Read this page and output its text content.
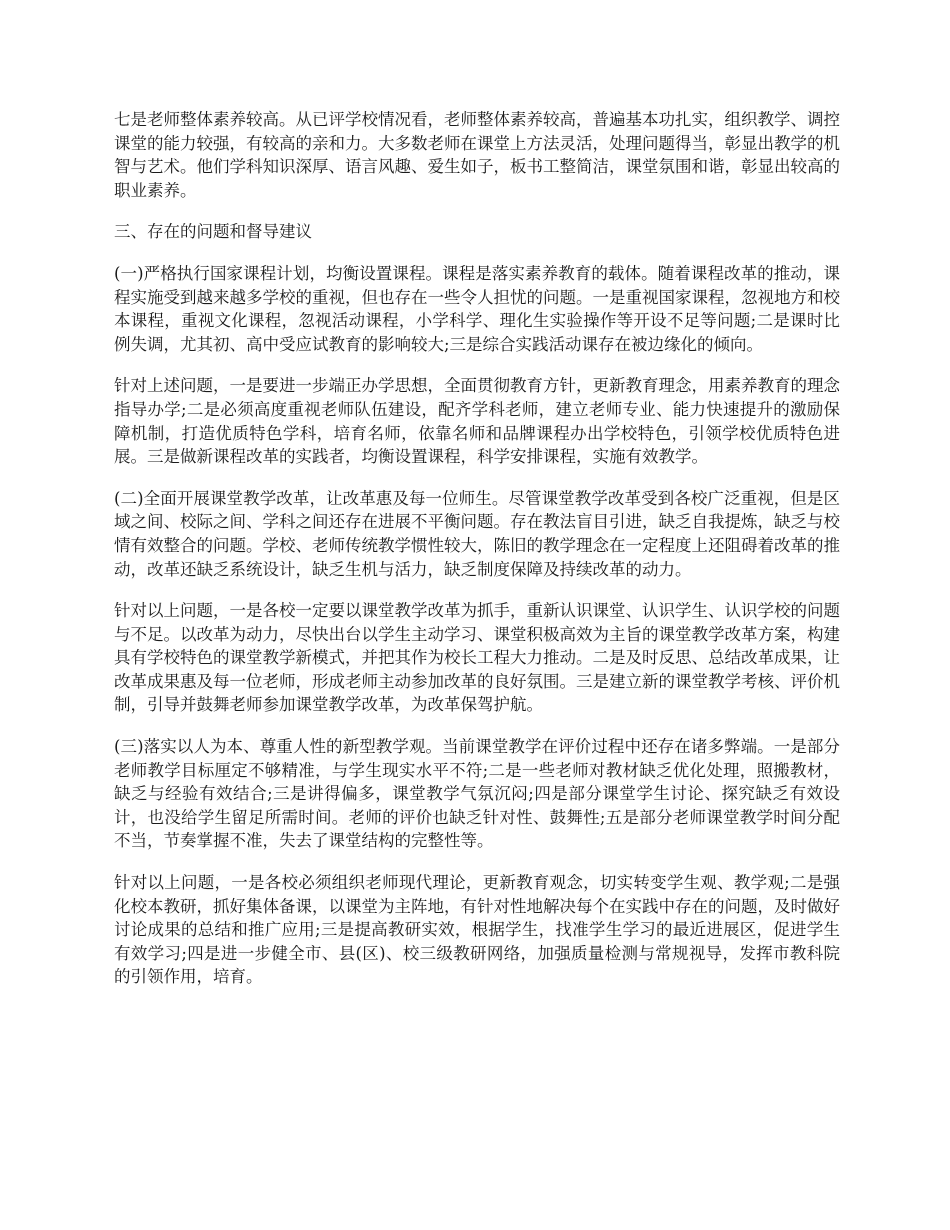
七是老师整体素养较高。从已评学校情况看，老师整体素养较高，普遍基本功扎实，组织教学、调控课堂的能力较强，有较高的亲和力。大多数老师在课堂上方法灵活，处理问题得当，彰显出教学的机智与艺术。他们学科知识深厚、语言风趣、爱生如子，板书工整简洁，课堂氛围和谐，彰显出较高的职业素养。

三、存在的问题和督导建议

(一)严格执行国家课程计划，均衡设置课程。课程是落实素养教育的载体。随着课程改革的推动，课程实施受到越来越多学校的重视，但也存在一些令人担忧的问题。一是重视国家课程，忽视地方和校本课程，重视文化课程，忽视活动课程，小学科学、理化生实验操作等开设不足等问题;二是课时比例失调，尤其初、高中受应试教育的影响较大;三是综合实践活动课存在被边缘化的倾向。

针对上述问题，一是要进一步端正办学思想，全面贯彻教育方针，更新教育理念，用素养教育的理念指导办学;二是必须高度重视老师队伍建设，配齐学科老师，建立老师专业、能力快速提升的激励保障机制，打造优质特色学科，培育名师，依靠名师和品牌课程办出学校特色，引领学校优质特色进展。三是做新课程改革的实践者，均衡设置课程，科学安排课程，实施有效教学。

(二)全面开展课堂教学改革，让改革惠及每一位师生。尽管课堂教学改革受到各校广泛重视，但是区域之间、校际之间、学科之间还存在进展不平衡问题。存在教法盲目引进，缺乏自我提炼，缺乏与校情有效整合的问题。学校、老师传统教学惯性较大，陈旧的教学理念在一定程度上还阻碍着改革的推动，改革还缺乏系统设计，缺乏生机与活力，缺乏制度保障及持续改革的动力。

针对以上问题，一是各校一定要以课堂教学改革为抓手，重新认识课堂、认识学生、认识学校的问题与不足。以改革为动力，尽快出台以学生主动学习、课堂积极高效为主旨的课堂教学改革方案，构建具有学校特色的课堂教学新模式，并把其作为校长工程大力推动。二是及时反思、总结改革成果，让改革成果惠及每一位老师，形成老师主动参加改革的良好氛围。三是建立新的课堂教学考核、评价机制，引导并鼓舞老师参加课堂教学改革，为改革保驾护航。

(三)落实以人为本、尊重人性的新型教学观。当前课堂教学在评价过程中还存在诸多弊端。一是部分老师教学目标厘定不够精准，与学生现实水平不符;二是一些老师对教材缺乏优化处理，照搬教材，缺乏与经验有效结合;三是讲得偏多，课堂教学气氛沉闷;四是部分课堂学生讨论、探究缺乏有效设计，也没给学生留足所需时间。老师的评价也缺乏针对性、鼓舞性;五是部分老师课堂教学时间分配不当，节奏掌握不准，失去了课堂结构的完整性等。

针对以上问题，一是各校必须组织老师现代理论，更新教育观念，切实转变学生观、教学观;二是强化校本教研，抓好集体备课，以课堂为主阵地，有针对性地解决每个在实践中存在的问题，及时做好讨论成果的总结和推广应用;三是提高教研实效，根据学生，找准学生学习的最近进展区，促进学生有效学习;四是进一步健全市、县(区)、校三级教研网络，加强质量检测与常规视导，发挥市教科院的引领作用，培育。
